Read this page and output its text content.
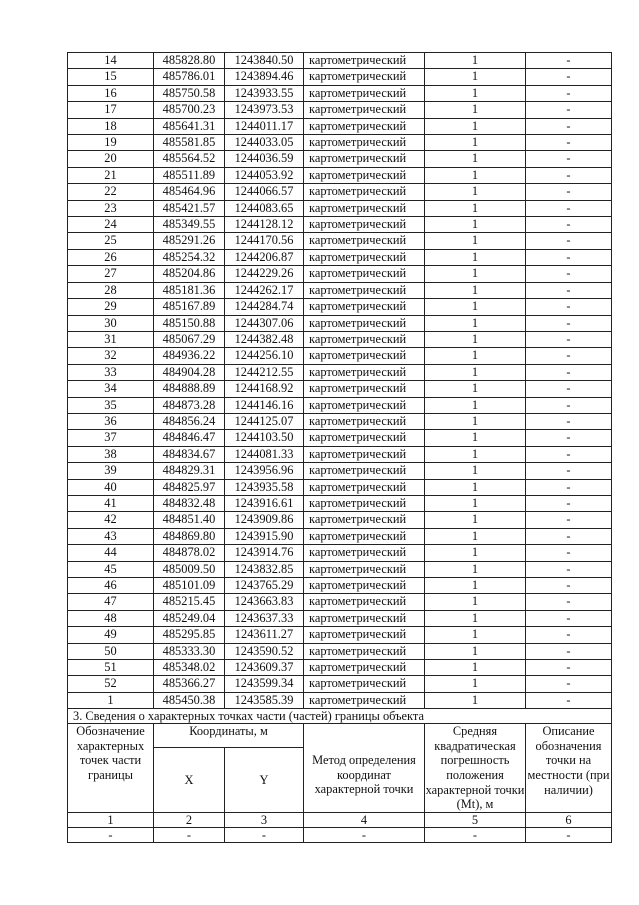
14	485828.80	1243840.50	картометрический	1	-
15	485786.01	1243894.46	картометрический	1	-
16	485750.58	1243933.55	картометрический	1	-
17	485700.23	1243973.53	картометрический	1	-
18	485641.31	1244011.17	картометрический	1	-
19	485581.85	1244033.05	картометрический	1	-
20	485564.52	1244036.59	картометрический	1	-
21	485511.89	1244053.92	картометрический	1	-
22	485464.96	1244066.57	картометрический	1	-
23	485421.57	1244083.65	картометрический	1	-
24	485349.55	1244128.12	картометрический	1	-
25	485291.26	1244170.56	картометрический	1	-
26	485254.32	1244206.87	картометрический	1	-
27	485204.86	1244229.26	картометрический	1	-
28	485181.36	1244262.17	картометрический	1	-
29	485167.89	1244284.74	картометрический	1	-
30	485150.88	1244307.06	картометрический	1	-
31	485067.29	1244382.48	картометрический	1	-
32	484936.22	1244256.10	картометрический	1	-
33	484904.28	1244212.55	картометрический	1	-
34	484888.89	1244168.92	картометрический	1	-
35	484873.28	1244146.16	картометрический	1	-
36	484856.24	1244125.07	картометрический	1	-
37	484846.47	1244103.50	картометрический	1	-
38	484834.67	1244081.33	картометрический	1	-
39	484829.31	1243956.96	картометрический	1	-
40	484825.97	1243935.58	картометрический	1	-
41	484832.48	1243916.61	картометрический	1	-
42	484851.40	1243909.86	картометрический	1	-
43	484869.80	1243915.90	картометрический	1	-
44	484878.02	1243914.76	картометрический	1	-
45	485009.50	1243832.85	картометрический	1	-
46	485101.09	1243765.29	картометрический	1	-
47	485215.45	1243663.83	картометрический	1	-
48	485249.04	1243637.33	картометрический	1	-
49	485295.85	1243611.27	картометрический	1	-
50	485333.30	1243590.52	картометрический	1	-
51	485348.02	1243609.37	картометрический	1	-
52	485366.27	1243599.34	картометрический	1	-
1	485450.38	1243585.39	картометрический	1	-
3. Сведения о характерных точках части (частей) границы объекта					
Обозначение характерных точек части границы	Координаты, м		Метод определения координат характерной точки	Средняя квадратическая погрешность положения характерной точки (Mt), м	Описание обозначения точки на местности (при наличии)
	X	Y			
1	2	3	4	5	6
-	-	-	-	-	-
